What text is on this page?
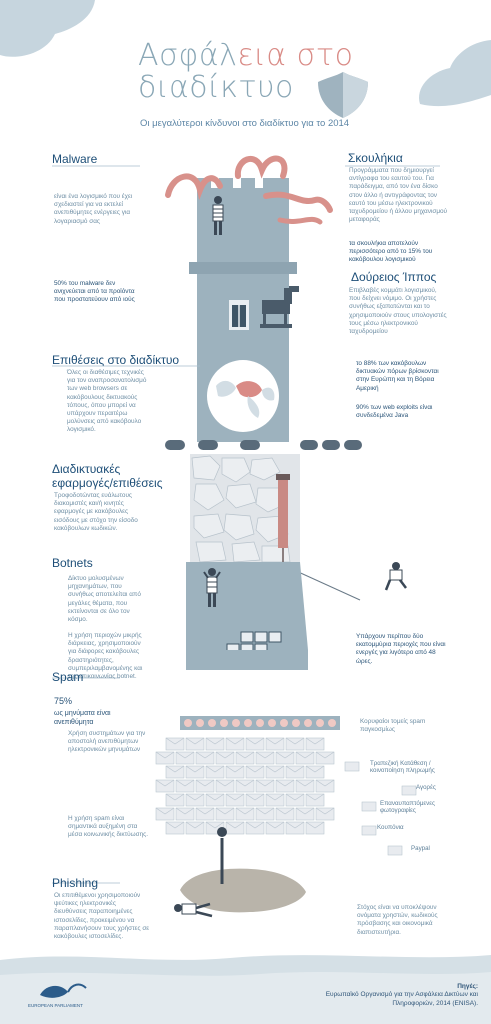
Ασφάλεια στο
διαδίκτυο
Οι μεγαλύτεροι κίνδυνοι στο διαδίκτυο για το 2014
Malware
είναι ένα λογισμικό που έχει σχεδιαστεί για να εκτελεί ανεπιθύμητες ενέργειες για λογαριασμό σας
50% του malware δεν ανιχνεύεται από τα προϊόντα που προστατεύουν από ιούς
Σκουλήκια
Προγράμματα που δημιουργεί αντίγραφα του εαυτού του. Για παράδειγμα, από τον ένα δίσκο στον άλλο ή αντιγράφοντας τον εαυτό του μέσω ηλεκτρονικού ταχυδρομείου ή άλλου μηχανισμού μεταφοράς
τα σκουλήκια αποτελούν περισσότερο από το 15% του κακόβουλου λογισμικού
Δούρειος Ίππος
Επιβλαβές κομμάτι λογισμικού, που δείχνει νόμιμο. Οι χρήστες συνήθως εξαπατώνται και το χρησιμοποιούν στους υπολογιστές τους μέσω ηλεκτρονικού ταχυδρομείου
Επιθέσεις στο διαδίκτυο
Όλες οι διαθέσιμες τεχνικές για τον αναπροσανατολισμό των web browsers σε κακόβουλους δικτυακούς τόπους, όπου μπορεί να υπάρχουν περαιτέρω μολύνσεις από κακόβουλο λογισμικό.
το 88% των κακόβουλων δικτυακών πόρων βρίσκονται στην Ευρώπη και τη Βόρεια Αμερική
90% των web exploits είναι συνδεδεμένα Java
Διαδικτυακές εφαρμογές/επιθέσεις
Τροφοδοτώντας ευάλωτους διακομιστές και/ή κινητές εφαρμογές με κακόβουλες εισόδους με στόχο την είσοδο κακόβουλων κωδικών.
Botnets
Δίκτυο μολυσμένων μηχανημάτων, που συνήθως αποτελείται από μεγάλες θέματα, που εκτείνονται σε όλο τον κόσμο.
Η χρήση περιοχών μικρής διάρκειας, χρησιμοποιούν για διάφορες κακόβουλες δραστηριότητες, συμπεριλαμβανομένης και της επικοινωνίας botnet.
Υπάρχουν περίπου δύο εκατομμύρια περιοχές που είναι ενεργές για λιγότερο από 48 ώρες.
Spam
75%
ως μηνύματα είναι ανεπιθύμητα
Χρήση συστημάτων για την αποστολή ανεπιθύμητων ηλεκτρονικών μηνυμάτων
Η χρήση spam είναι σημαντικά αυξημένη στα μέσα κοινωνικής δικτύωσης.
Κορυφαίοι τομείς spam παγκοσμίως
Τραπεζική Κατάθεση / κοινοποίηση πληρωμής
Αγορές
Επαναυπαπτόμενες φωτογραφίες
Κουπόνια
Paypal
Phishing
Οι επιτιθέμενοι χρησιμοποιούν ψεύτικες ηλεκτρονικές διευθύνσεις παραποιημένες ιστοσελίδες, προκειμένου να παραπλανήσουν τους χρήστες σε κακόβουλες ιστοσελίδες.
Στόχος είναι να υποκλέψουν ονόματα χρηστών, κωδικούς πρόσβασης και οικονομικά διαπιστευτήρια.
Πηγές:
Ευρωπαϊκό Οργανισμό για την Ασφάλεια Δικτύων και Πληροφοριών, 2014 (ENISA).
EUROPEAN PARLIAMENT
